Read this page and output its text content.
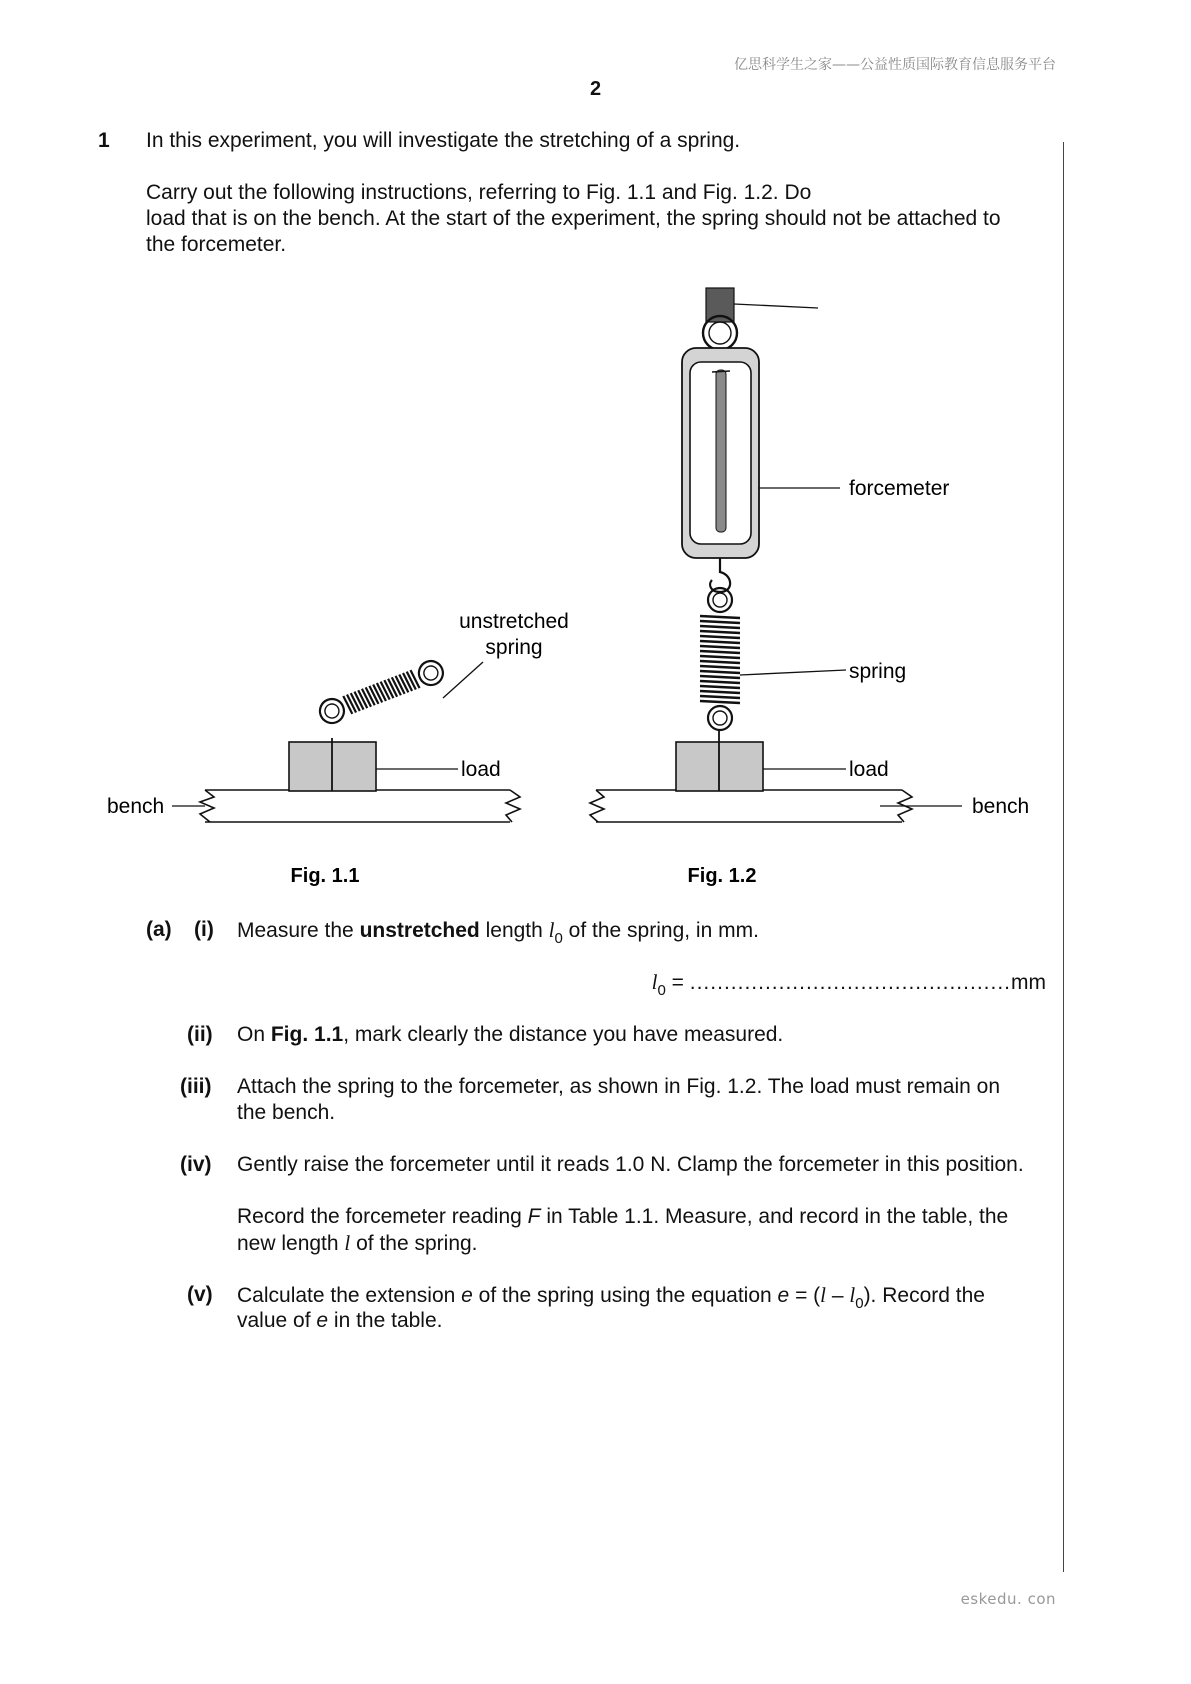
亿思科学生之家——公益性质国际教育信息服务平台
2
1 In this experiment, you will investigate the stretching of a spring.
Carry out the following instructions, referring to Fig. 1.1 and Fig. 1.2. Do
load that is on the bench. At the start of the experiment, the spring should not be attached to
the forcemeter.
unstretched
spring
load
bench
forcemeter
spring
load
bench
Fig. 1.1	Fig. 1.2
(a) (i) Measure the unstretched length $l_0$ of the spring, in mm.
$l_0 = ...............................................mm$
(ii) On Fig. 1.1, mark clearly the distance you have measured.
(iii) Attach the spring to the forcemeter, as shown in Fig. 1.2. The load must remain on
the bench.
(iv) Gently raise the forcemeter until it reads 1.0 N. Clamp the forcemeter in this position.
Record the forcemeter reading F in Table 1.1. Measure, and record in the table, the
new length l of the spring.
(v) Calculate the extension e of the spring using the equation $e = (l - l_0)$. Record the
value of e in the table.
eskedu. con
